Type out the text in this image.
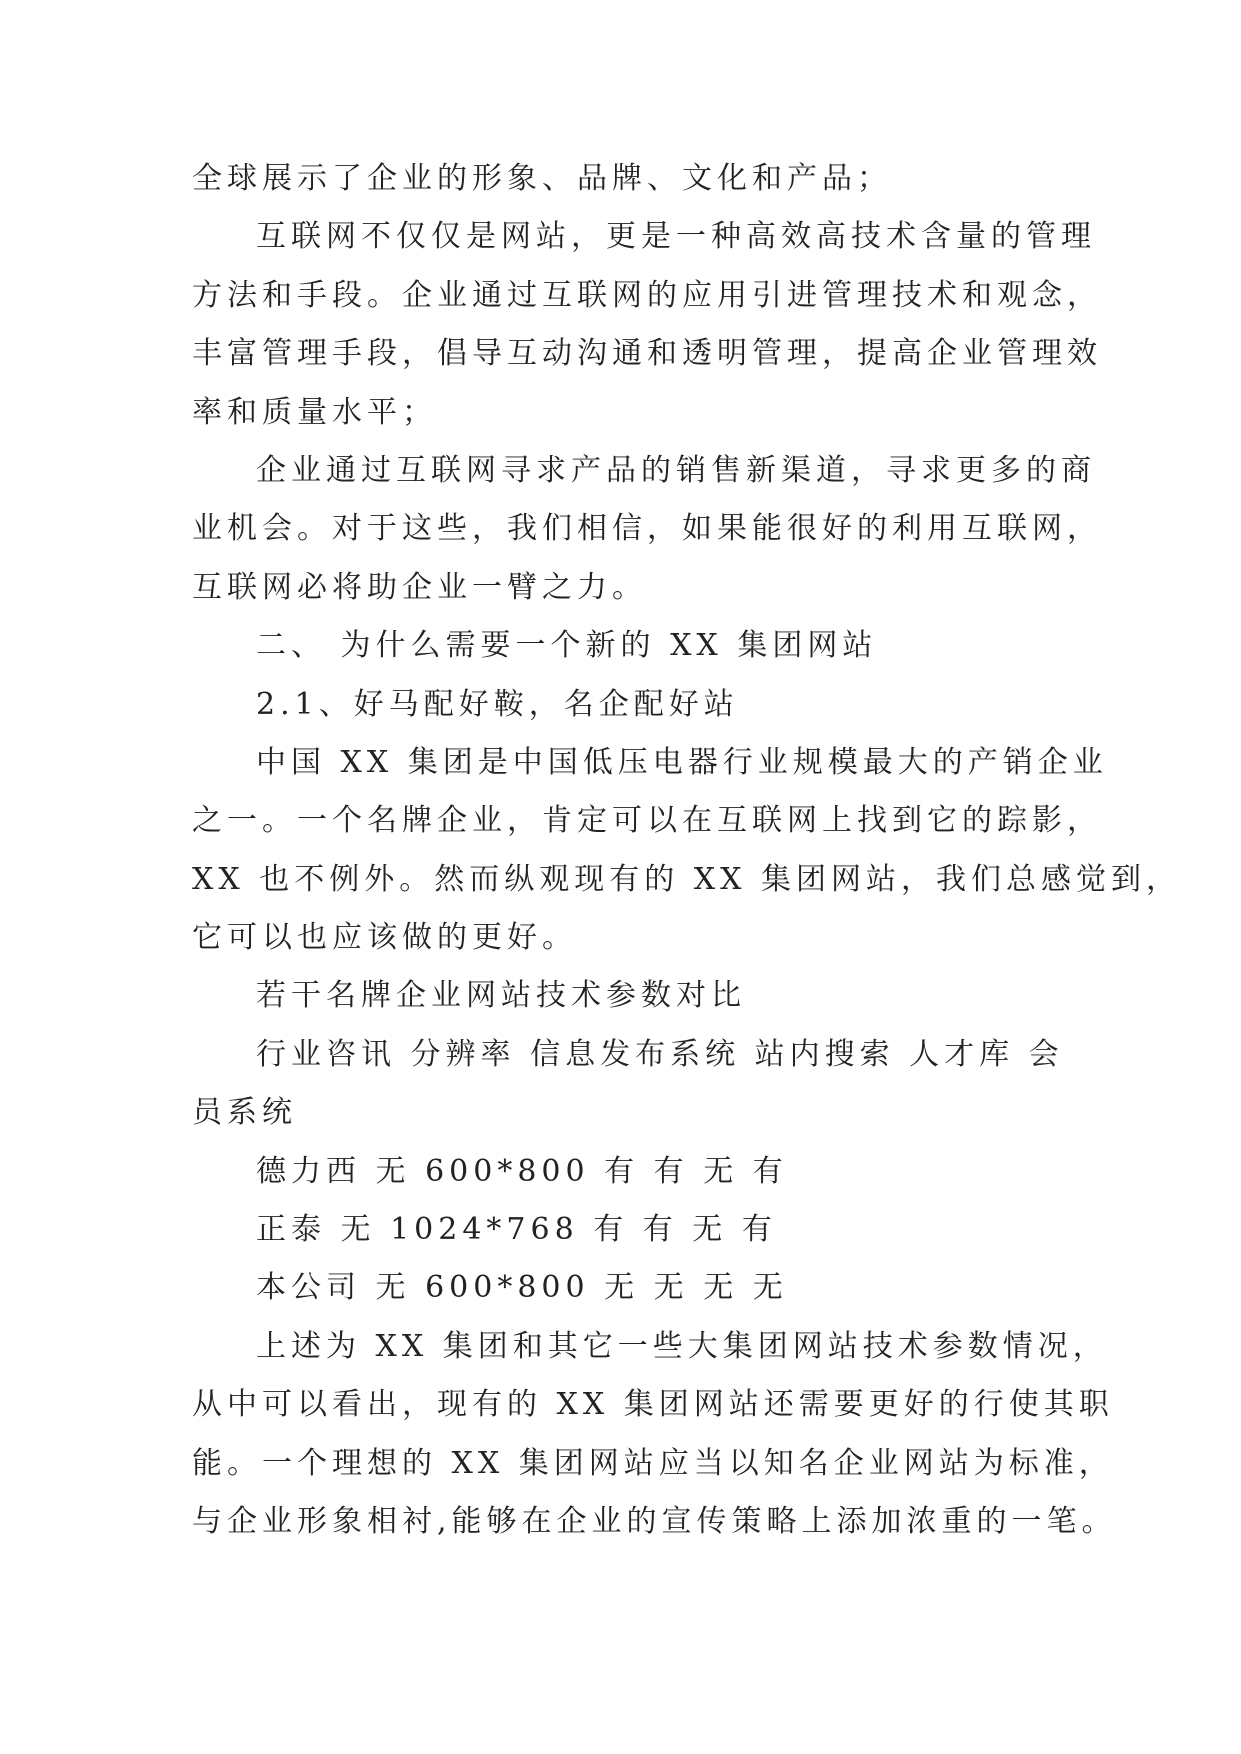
全球展示了企业的形象、品牌、文化和产品；
互联网不仅仅是网站，更是一种高效高技术含量的管理
方法和手段。企业通过互联网的应用引进管理技术和观念，
丰富管理手段，倡导互动沟通和透明管理，提高企业管理效
率和质量水平；
企业通过互联网寻求产品的销售新渠道，寻求更多的商
业机会。对于这些，我们相信，如果能很好的利用互联网，
互联网必将助企业一臂之力。
二、 为什么需要一个新的 XX 集团网站
2.1、好马配好鞍，名企配好站
中国 XX 集团是中国低压电器行业规模最大的产销企业
之一。一个名牌企业，肯定可以在互联网上找到它的踪影，
XX 也不例外。然而纵观现有的 XX 集团网站，我们总感觉到，
它可以也应该做的更好。
若干名牌企业网站技术参数对比
行业咨讯 分辨率 信息发布系统 站内搜索 人才库 会
员系统
德力西 无 600*800 有 有 无 有
正泰 无 1024*768 有 有 无 有
本公司 无 600*800 无 无 无 无
上述为 XX 集团和其它一些大集团网站技术参数情况，
从中可以看出，现有的 XX 集团网站还需要更好的行使其职
能。一个理想的 XX 集团网站应当以知名企业网站为标准，
与企业形象相衬,能够在企业的宣传策略上添加浓重的一笔。
